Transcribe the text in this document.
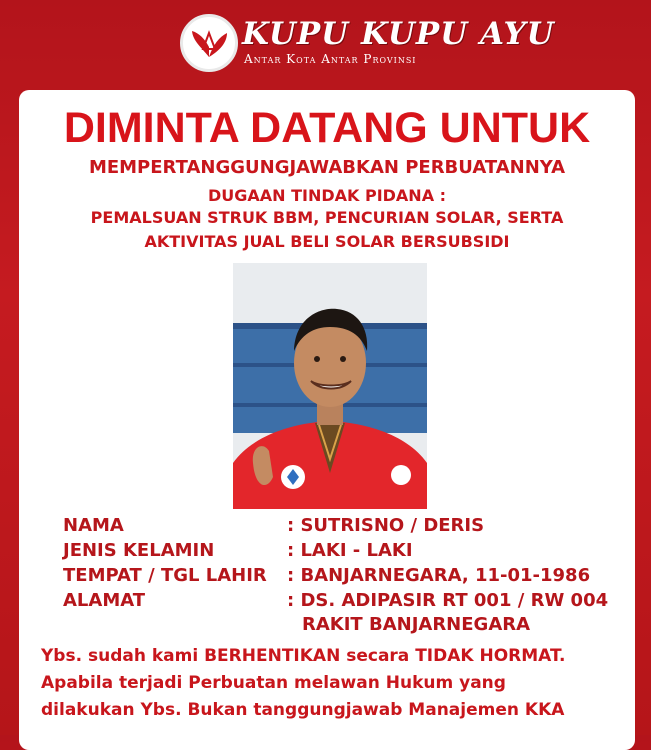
KUPU KUPU AYU
Antar Kota Antar Provinsi
DIMINTA DATANG UNTUK
MEMPERTANGGUNGJAWABKAN PERBUATANNYA
DUGAAN TINDAK PIDANA :
PEMALSUAN STRUK BBM, PENCURIAN SOLAR, SERTA
AKTIVITAS JUAL BELI SOLAR BERSUBSIDI
NAMA	: SUTRISNO / DERIS
JENIS KELAMIN	: LAKI - LAKI
TEMPAT / TGL LAHIR : BANJARNEGARA, 11-01-1986
ALAMAT	: DS. ADIPASIR RT 001 / RW 004
RAKIT BANJARNEGARA
Ybs. sudah kami BERHENTIKAN secara TIDAK HORMAT.
Apabila terjadi Perbuatan melawan Hukum yang
dilakukan Ybs. Bukan tanggungjawab Manajemen KKA
